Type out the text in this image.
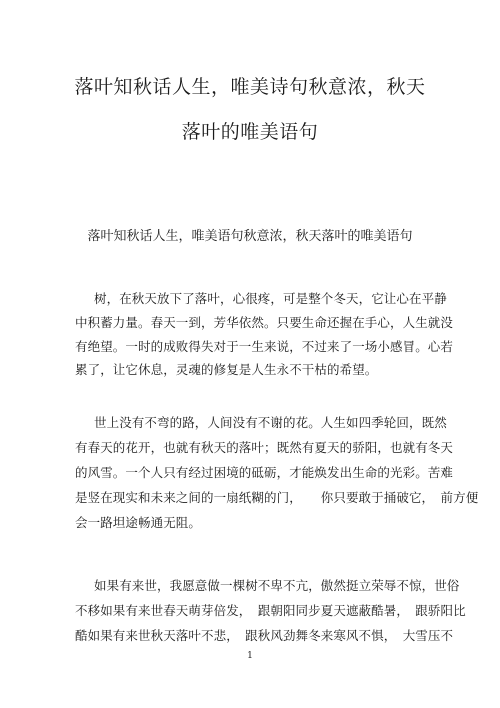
落叶知秋话人生，唯美诗句秋意浓，秋天
落叶的唯美语句
落叶知秋话人生，唯美语句秋意浓，秋天落叶的唯美语句
树，在秋天放下了落叶，心很疼，可是整个冬天，它让心在平静
中积蓄力量。春天一到，芳华依然。只要生命还握在手心，人生就没
有绝望。一时的成败得失对于一生来说，不过来了一场小感冒。心若
累了，让它休息，灵魂的修复是人生永不干枯的希望。
世上没有不弯的路，人间没有不谢的花。人生如四季轮回，既然
有春天的花开，也就有秋天的落叶；既然有夏天的骄阳，也就有冬天
的风雪。一个人只有经过困境的砥砺，才能焕发出生命的光彩。苦难
是竖在现实和未来之间的一扇纸糊的门，　　你只要敢于捅破它，　前方便
会一路坦途畅通无阻。
如果有来世，我愿意做一棵树不卑不亢，傲然挺立荣辱不惊，世俗
不移如果有来世春天萌芽倍发，　跟朝阳同步夏天遮蔽酷暑，　跟骄阳比
酷如果有来世秋天落叶不悲，　跟秋风劲舞冬来寒风不惧，　大雪压不
1
